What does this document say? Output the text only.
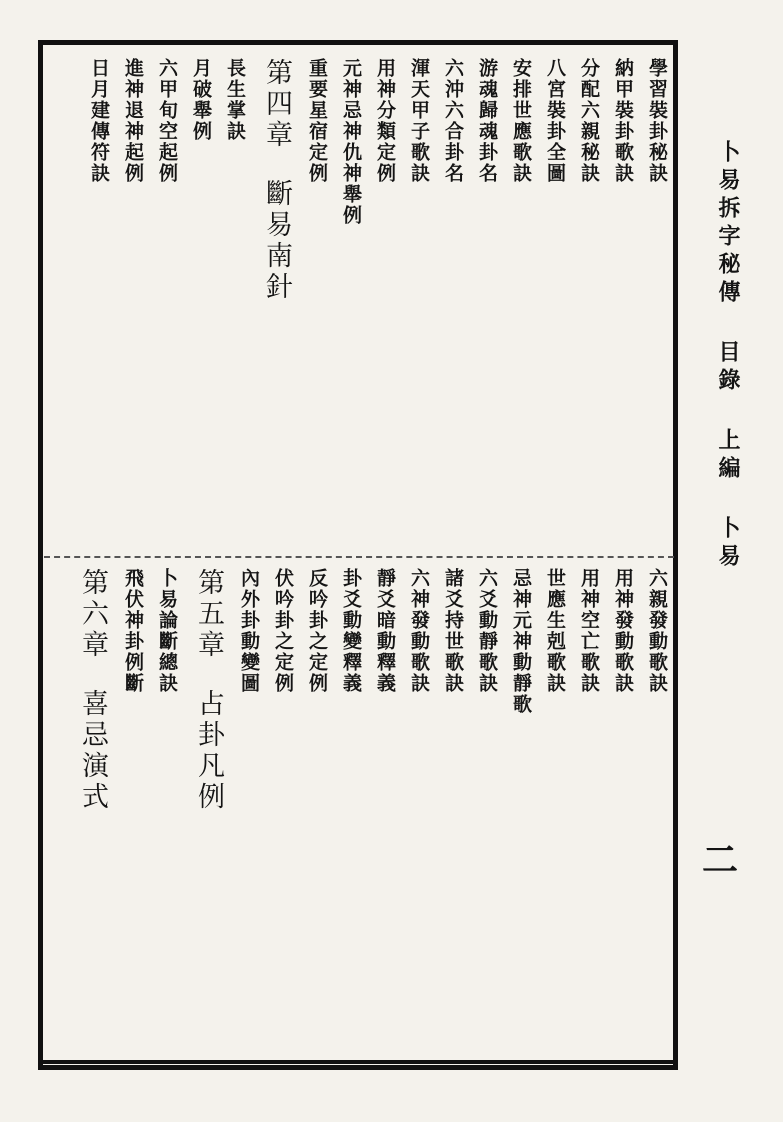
卜易拆字秘傳 目錄 上編 卜易
二
學習裝卦秘訣
納甲裝卦歌訣
分配六親秘訣
八宮裝卦全圖
安排世應歌訣
游魂歸魂卦名
六沖六合卦名
渾天甲子歌訣
用神分類定例
元神忌神仇神舉例
重要星宿定例
第四章斷易南針
長生掌訣
月破舉例
六甲旬空起例
進神退神起例
日月建傳符訣
六親發動歌訣
用神發動歌訣
用神空亡歌訣
世應生剋歌訣
忌神元神動靜歌
六爻動靜歌訣
諸爻持世歌訣
六神發動歌訣
靜爻暗動釋義
卦爻動變釋義
反吟卦之定例
伏吟卦之定例
內外卦動變圖
第五章占卦凡例
卜易論斷總訣
飛伏神卦例斷
第六章喜忌演式
